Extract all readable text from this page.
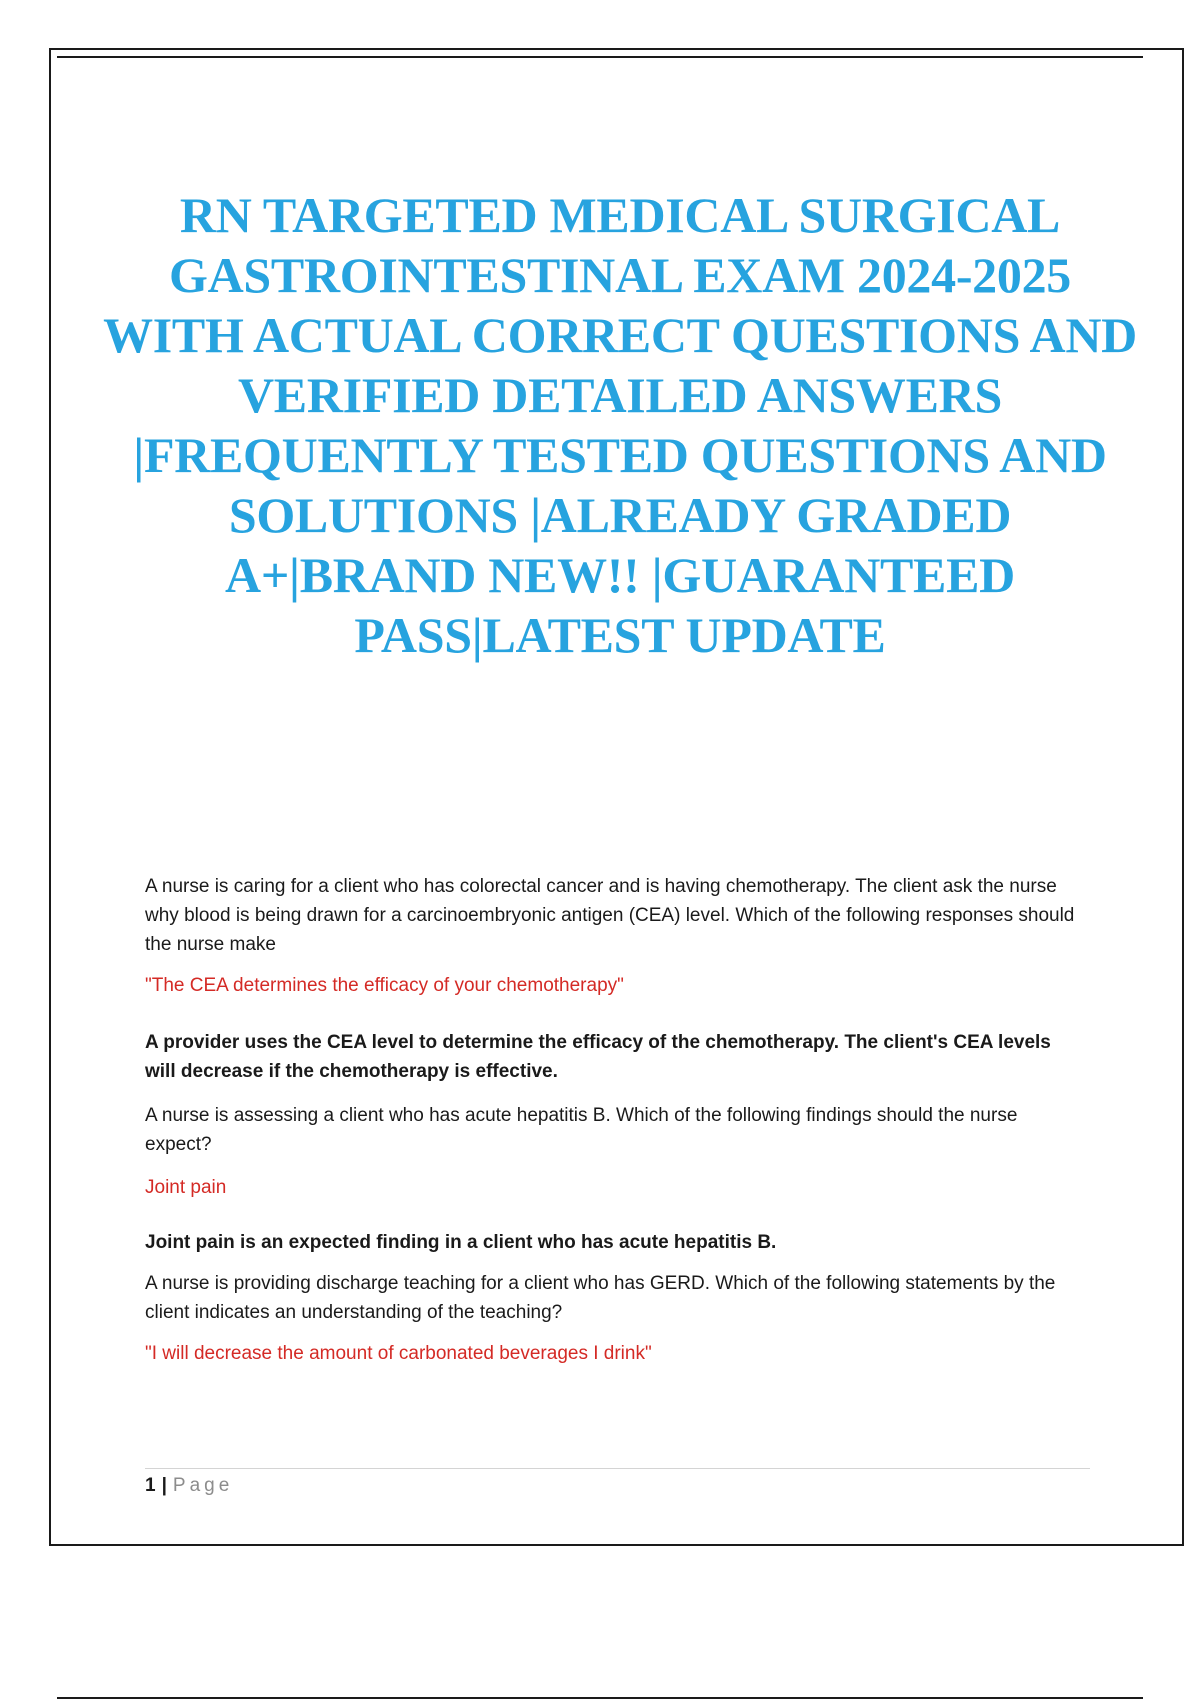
RN TARGETED MEDICAL SURGICAL GASTROINTESTINAL EXAM 2024-2025 WITH ACTUAL CORRECT QUESTIONS AND VERIFIED DETAILED ANSWERS |FREQUENTLY TESTED QUESTIONS AND SOLUTIONS |ALREADY GRADED A+|BRAND NEW!! |GUARANTEED PASS|LATEST UPDATE

A nurse is caring for a client who has colorectal cancer and is having chemotherapy. The client ask the nurse why blood is being drawn for a carcinoembryonic antigen (CEA) level. Which of the following responses should the nurse make

"The CEA determines the efficacy of your chemotherapy"

A provider uses the CEA level to determine the efficacy of the chemotherapy. The client's CEA levels will decrease if the chemotherapy is effective.

A nurse is assessing a client who has acute hepatitis B. Which of the following findings should the nurse expect?

Joint pain

Joint pain is an expected finding in a client who has acute hepatitis B.

A nurse is providing discharge teaching for a client who has GERD. Which of the following statements by the client indicates an understanding of the teaching?

"I will decrease the amount of carbonated beverages I drink"

1 | Page
